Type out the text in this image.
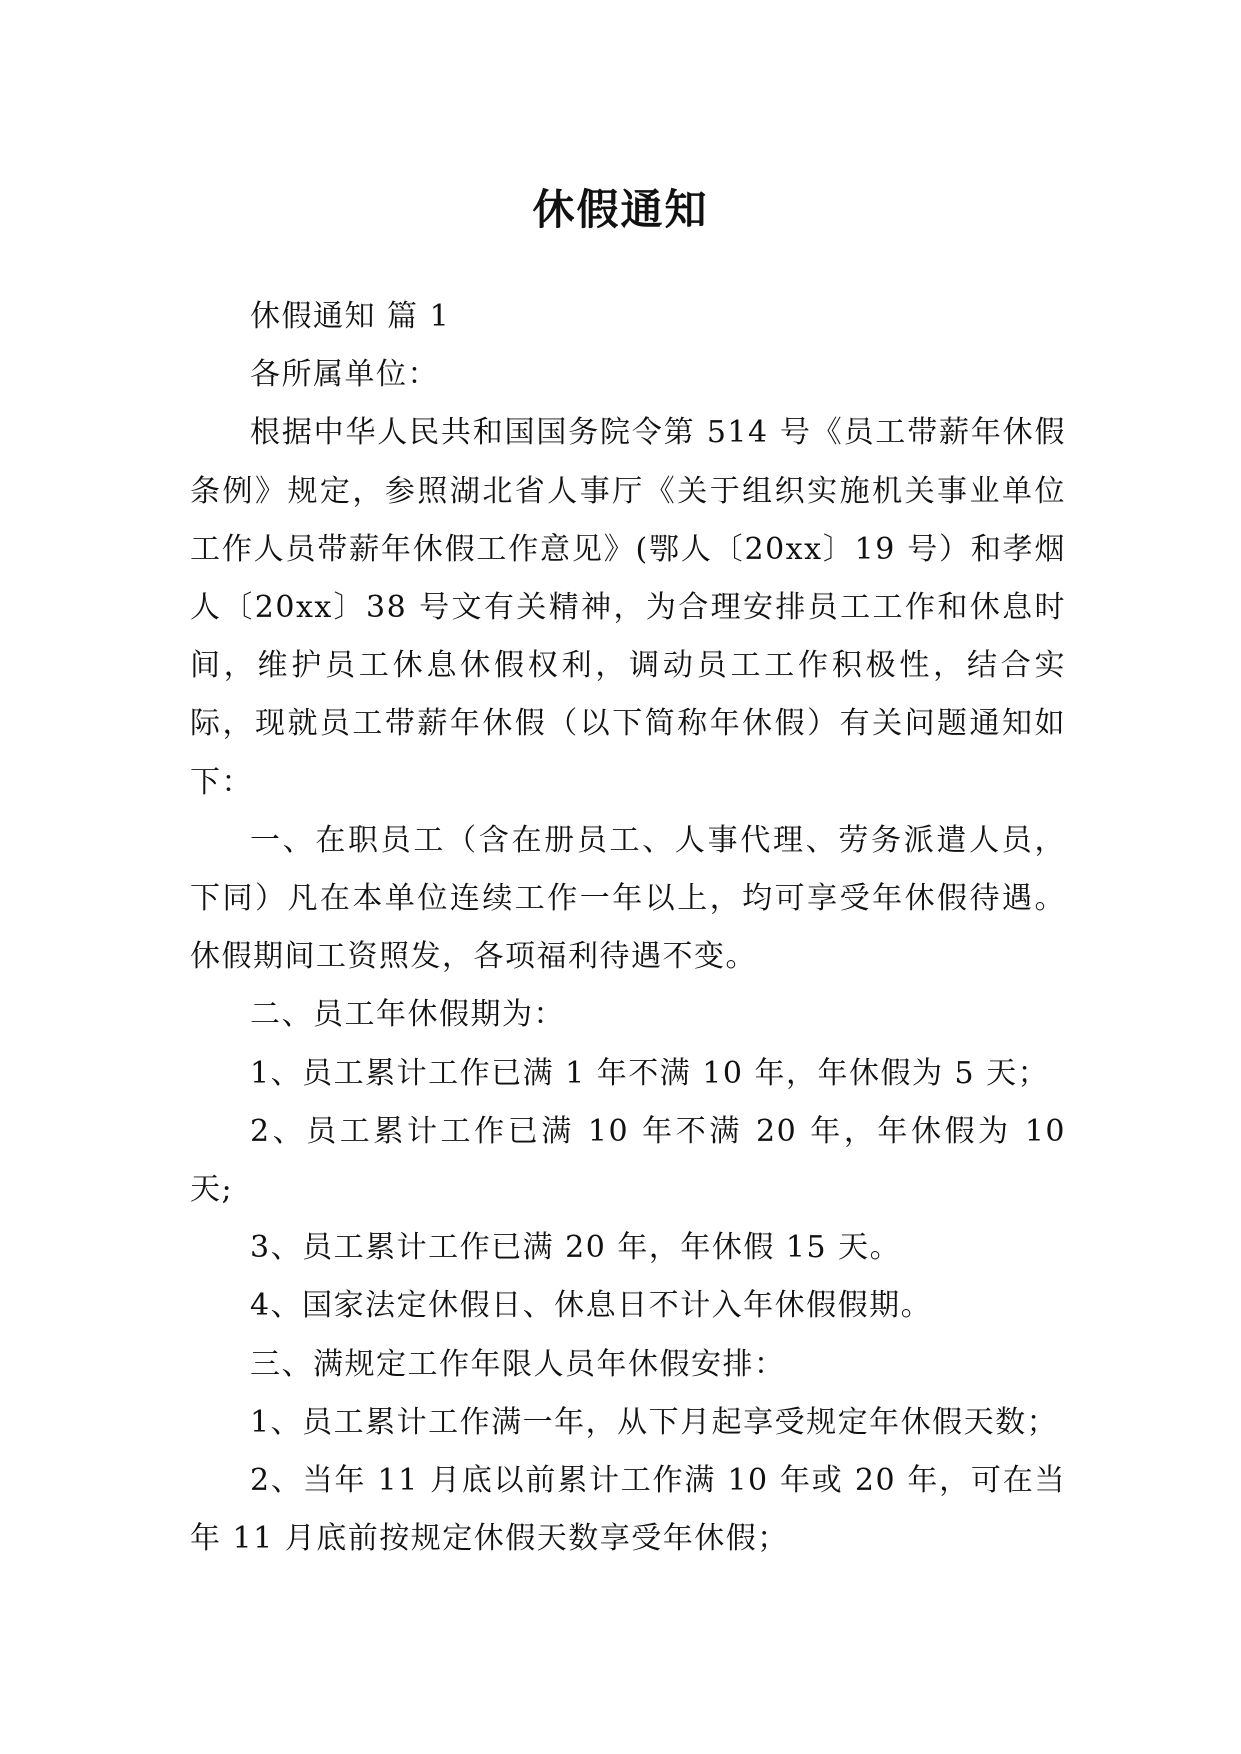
休假通知

休假通知 篇 1

各所属单位：

根据中华人民共和国国务院令第 514 号《员工带薪年休假条例》规定，参照湖北省人事厅《关于组织实施机关事业单位工作人员带薪年休假工作意见》(鄂人〔20xx〕19 号）和孝烟人〔20xx〕38 号文有关精神，为合理安排员工工作和休息时间，维护员工休息休假权利，调动员工工作积极性，结合实际，现就员工带薪年休假（以下简称年休假）有关问题通知如下：

一、在职员工（含在册员工、人事代理、劳务派遣人员，下同）凡在本单位连续工作一年以上，均可享受年休假待遇。休假期间工资照发，各项福利待遇不变。

二、员工年休假期为：

1、员工累计工作已满 1 年不满 10 年，年休假为 5 天；

2、员工累计工作已满 10 年不满 20 年，年休假为 10 天;

3、员工累计工作已满 20 年，年休假 15 天。

4、国家法定休假日、休息日不计入年休假假期。

三、满规定工作年限人员年休假安排：

1、员工累计工作满一年，从下月起享受规定年休假天数；

2、当年 11 月底以前累计工作满 10 年或 20 年，可在当年 11 月底前按规定休假天数享受年休假；
